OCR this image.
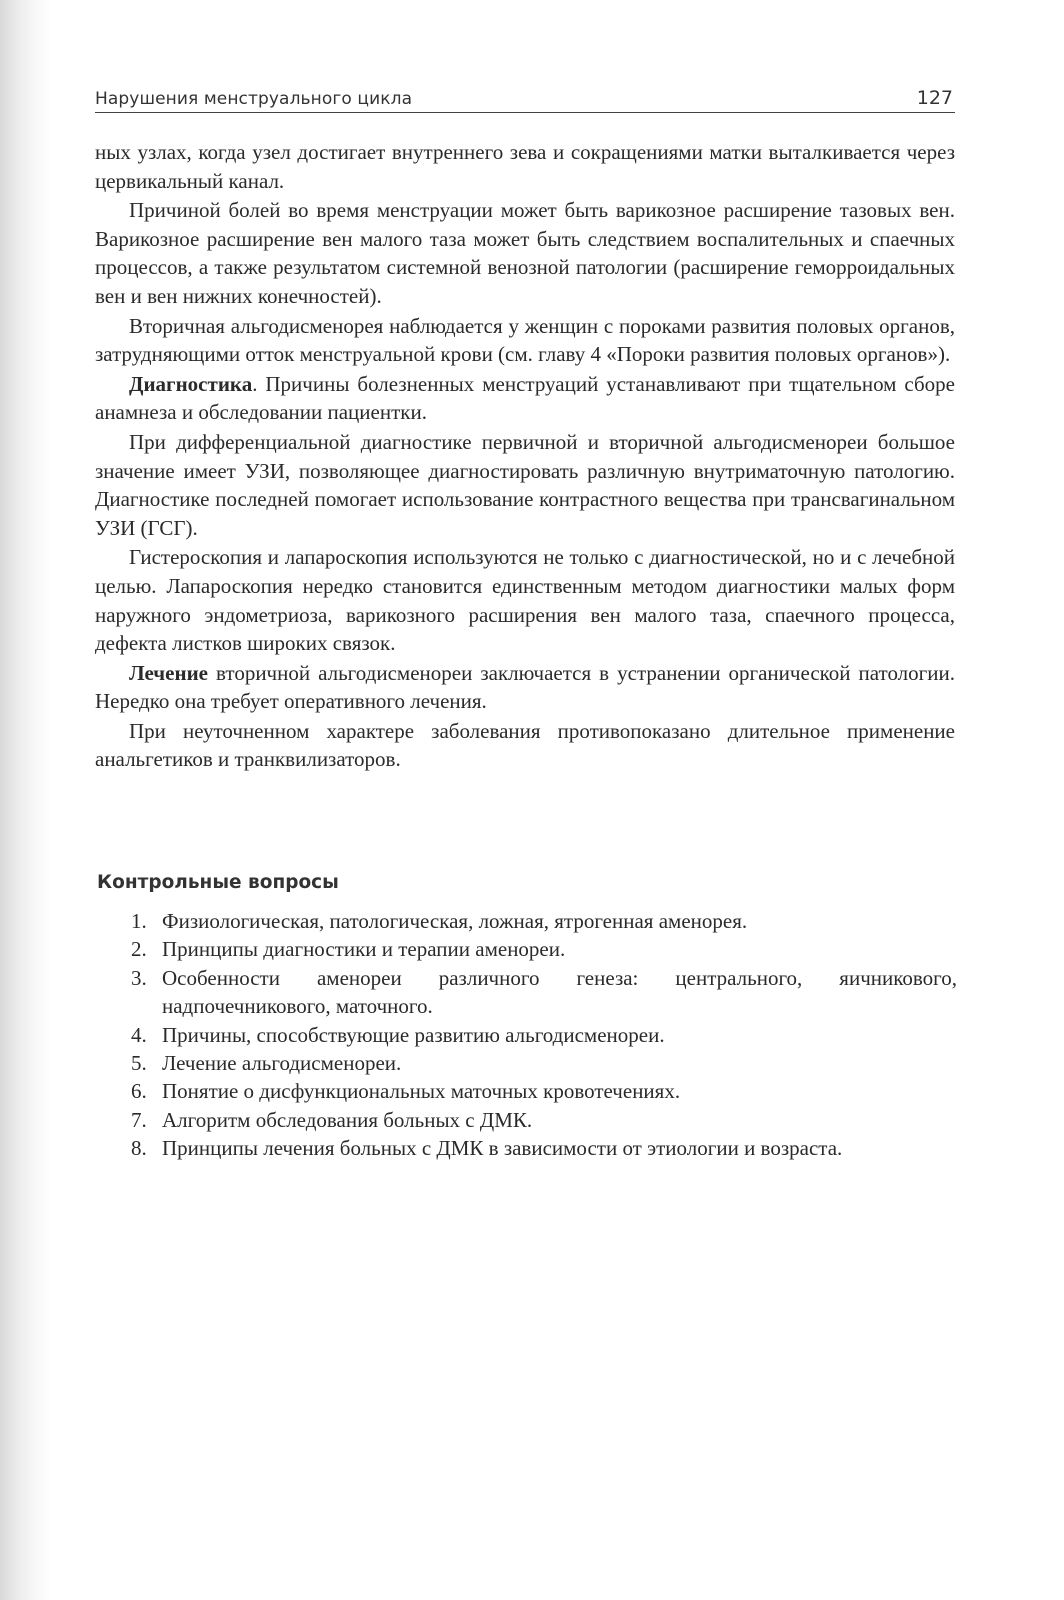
Нарушения менструального цикла	127

ных узлах, когда узел достигает внутреннего зева и сокращениями матки выталкивается через цервикальный канал.

Причиной болей во время менструации может быть варикозное расширение тазовых вен. Варикозное расширение вен малого таза может быть следствием воспалительных и спаечных процессов, а также результатом системной венозной патологии (расширение геморроидальных вен и вен нижних конечностей).

Вторичная альгодисменорея наблюдается у женщин с пороками развития половых органов, затрудняющими отток менструальной крови (см. главу 4 «Пороки развития половых органов»).

Диагностика. Причины болезненных менструаций устанавливают при тщательном сборе анамнеза и обследовании пациентки.

При дифференциальной диагностике первичной и вторичной альгодисменореи большое значение имеет УЗИ, позволяющее диагностировать различную внутриматочную патологию. Диагностике последней помогает использование контрастного вещества при трансвагинальном УЗИ (ГСГ).

Гистероскопия и лапароскопия используются не только с диагностической, но и с лечебной целью. Лапароскопия нередко становится единственным методом диагностики малых форм наружного эндометриоза, варикозного расширения вен малого таза, спаечного процесса, дефекта листков широких связок.

Лечение вторичной альгодисменореи заключается в устранении органической патологии. Нередко она требует оперативного лечения.

При неуточненном характере заболевания противопоказано длительное применение анальгетиков и транквилизаторов.

Контрольные вопросы
1. Физиологическая, патологическая, ложная, ятрогенная аменорея.
2. Принципы диагностики и терапии аменореи.
3. Особенности аменореи различного генеза: центрального, яичникового, надпочечникового, маточного.
4. Причины, способствующие развитию альгодисменореи.
5. Лечение альгодисменореи.
6. Понятие о дисфункциональных маточных кровотечениях.
7. Алгоритм обследования больных с ДМК.
8. Принципы лечения больных с ДМК в зависимости от этиологии и возраста.
